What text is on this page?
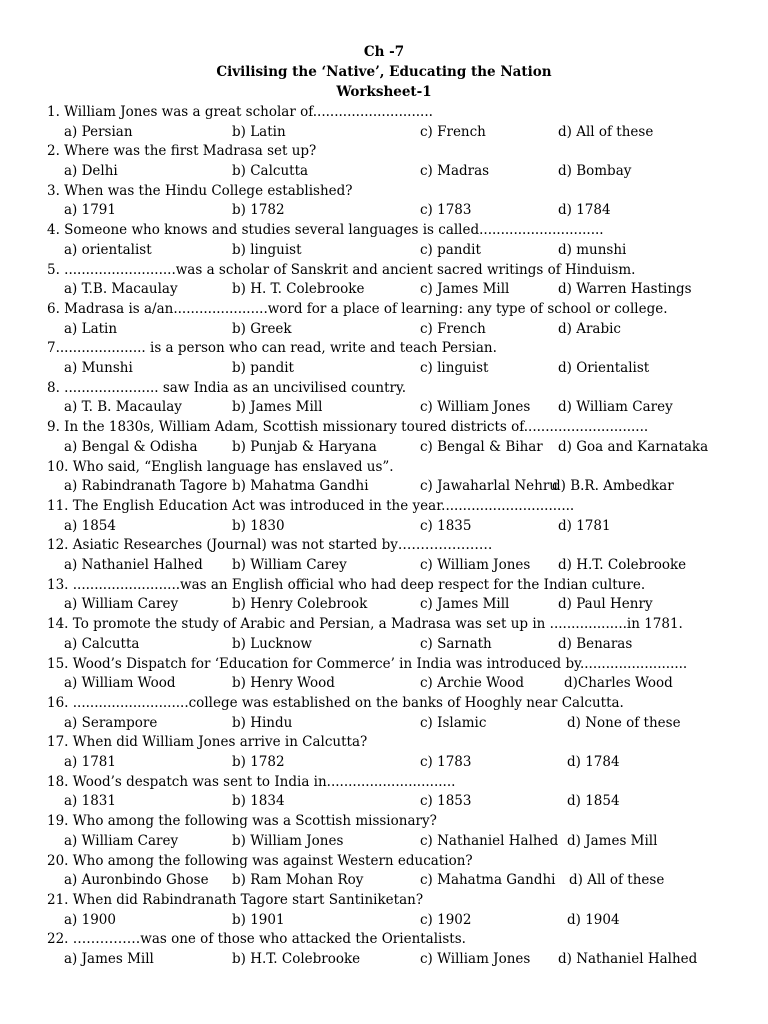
Ch -7
Civilising the ‘Native’, Educating the Nation
Worksheet-1
1. William Jones was a great scholar of............................
a) Persian	b) Latin	c) French	d) All of these
2. Where was the first Madrasa set up?
a) Delhi	b) Calcutta	c) Madras	d) Bombay
3. When was the Hindu College established?
a) 1791	b) 1782	c) 1783	d) 1784
4. Someone who knows and studies several languages is called.............................
a) orientalist	b) linguist	c) pandit	d) munshi
5. ..........................was a scholar of Sanskrit and ancient sacred writings of Hinduism.
a) T.B. Macaulay	b) H. T. Colebrooke	c) James Mill	d) Warren Hastings
6. Madrasa is a/an......................word for a place of learning: any type of school or college.
a) Latin	b) Greek	c) French	d) Arabic
7..................... is a person who can read, write and teach Persian.
a) Munshi	b) pandit	c) linguist	d) Orientalist
8. ...................... saw India as an uncivilised country.
a) T. B. Macaulay	b) James Mill	c) William Jones d) William Carey
9. In the 1830s, William Adam, Scottish missionary toured districts of.............................
a) Bengal & Odisha	b) Punjab & Haryana	c) Bengal & Bihar d) Goa and Karnataka
10. Who said, “English language has enslaved us”.
a) Rabindranath Tagore b) Mahatma Gandhi	c) Jawaharlal Nehru
d) B.R. Ambedkar
11. The English Education Act was introduced in the year...............................
a) 1854	b) 1830	c) 1835	d) 1781
12. Asiatic Researches (Journal) was not started by…………………
a) Nathaniel Halhed b) William Carey	c) William Jones d) H.T. Colebrooke
13. .........................was an English official who had deep respect for the Indian culture.
a) William Carey	b) Henry Colebrook	c) James Mill	d) Paul Henry
14. To promote the study of Arabic and Persian, a Madrasa was set up in ..................in 1781.
a) Calcutta	b) Lucknow	c) Sarnath	d) Benaras
15. Wood’s Dispatch for ‘Education for Commerce’ in India was introduced by.........................
a) William Wood	b) Henry Wood	c) Archie Wood	d)Charles Wood
16. ...........................college was established on the banks of Hooghly near Calcutta.
a) Serampore	b) Hindu	c) Islamic	d) None of these
17. When did William Jones arrive in Calcutta?
a) 1781	b) 1782	c) 1783	d) 1784
18. Wood’s despatch was sent to India in..............................
a) 1831	b) 1834	c) 1853	d) 1854
19. Who among the following was a Scottish missionary?
a) William Carey	b) William Jones	c) Nathaniel Halhed d) James Mill
20. Who among the following was against Western education?
a) Auronbindo Ghose b) Ram Mohan Roy	c) Mahatma Gandhi d) All of these
21. When did Rabindranath Tagore start Santiniketan?
a) 1900	b) 1901	c) 1902	d) 1904
22. ……………was one of those who attacked the Orientalists.
a) James Mill	b) H.T. Colebrooke	c) William Jones d) Nathaniel Halhed
